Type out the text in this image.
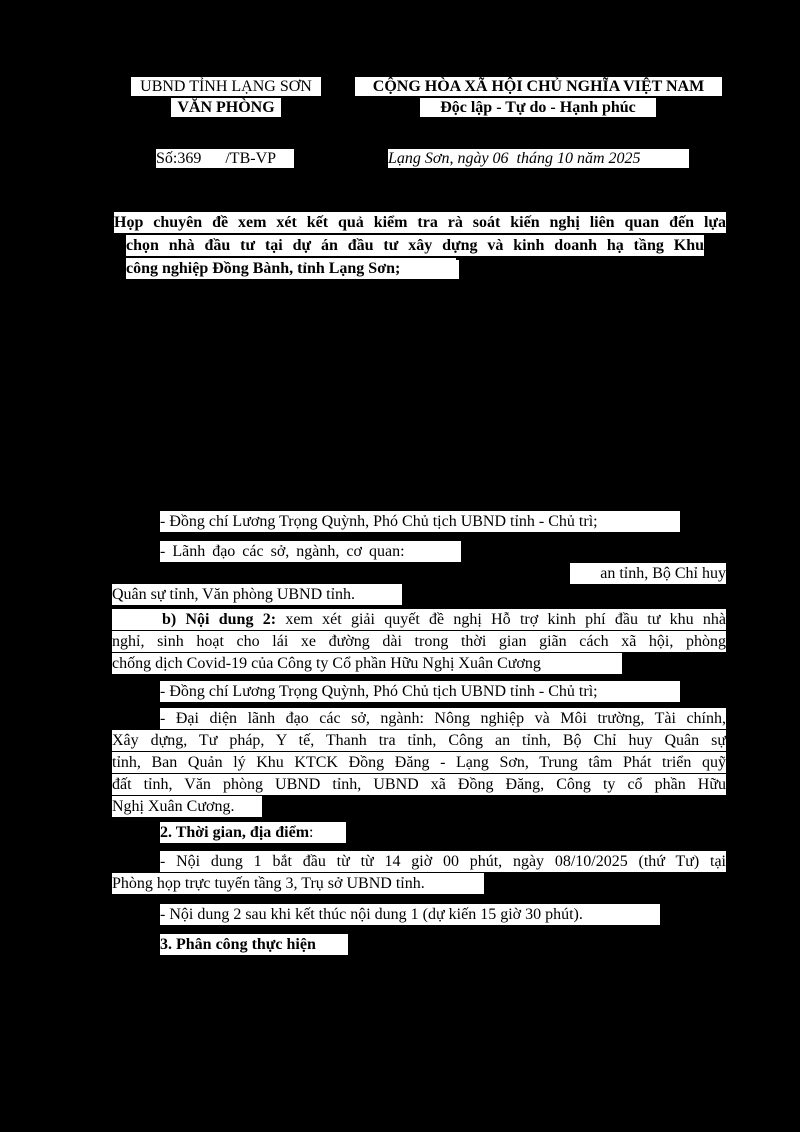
UBND TỈNH LẠNG SƠN
VĂN PHÒNG
CỘNG HÒA XÃ HỘI CHỦ NGHĨA VIỆT NAM
Độc lập - Tự do - Hạnh phúc
Số:369      /TB-VP	Lạng Sơn, ngày 06  tháng 10 năm 2025
Họp chuyên đề xem xét kết quả kiểm tra rà soát kiến nghị liên quan đến lựa
chọn nhà đầu tư tại dự án đầu tư xây dựng và kinh doanh hạ tầng Khu
công nghiệp Đồng Bành, tỉnh Lạng Sơn;
- Đồng chí Lương Trọng Quỳnh, Phó Chủ tịch UBND tỉnh - Chủ trì;
- Lãnh đạo các sở, ngành, cơ quan:
an tỉnh, Bộ Chỉ huy
Quân sự tỉnh, Văn phòng UBND tỉnh.
b) Nội dung 2: xem xét giải quyết đề nghị Hỗ trợ kinh phí đầu tư khu nhà
nghỉ, sinh hoạt cho lái xe đường dài trong thời gian giãn cách xã hội, phòng
chống dịch Covid-19 của Công ty Cổ phần Hữu Nghị Xuân Cương
- Đồng chí Lương Trọng Quỳnh, Phó Chủ tịch UBND tỉnh - Chủ trì;
- Đại diện lãnh đạo các sở, ngành: Nông nghiệp và Môi trường, Tài chính,
Xây dựng, Tư pháp, Y tế, Thanh tra tỉnh, Công an tỉnh, Bộ Chỉ huy Quân sự
tỉnh, Ban Quản lý Khu KTCK Đồng Đăng - Lạng Sơn, Trung tâm Phát triển quỹ
đất tỉnh, Văn phòng UBND tỉnh, UBND xã Đồng Đăng, Công ty cổ phần Hữu
Nghị Xuân Cương.
2. Thời gian, địa điểm:
- Nội dung 1 bắt đầu từ từ 14 giờ 00 phút, ngày 08/10/2025 (thứ Tư) tại
Phòng họp trực tuyến tầng 3, Trụ sở UBND tỉnh.
- Nội dung 2 sau khi kết thúc nội dung 1 (dự kiến 15 giờ 30 phút).
3. Phân công thực hiện
